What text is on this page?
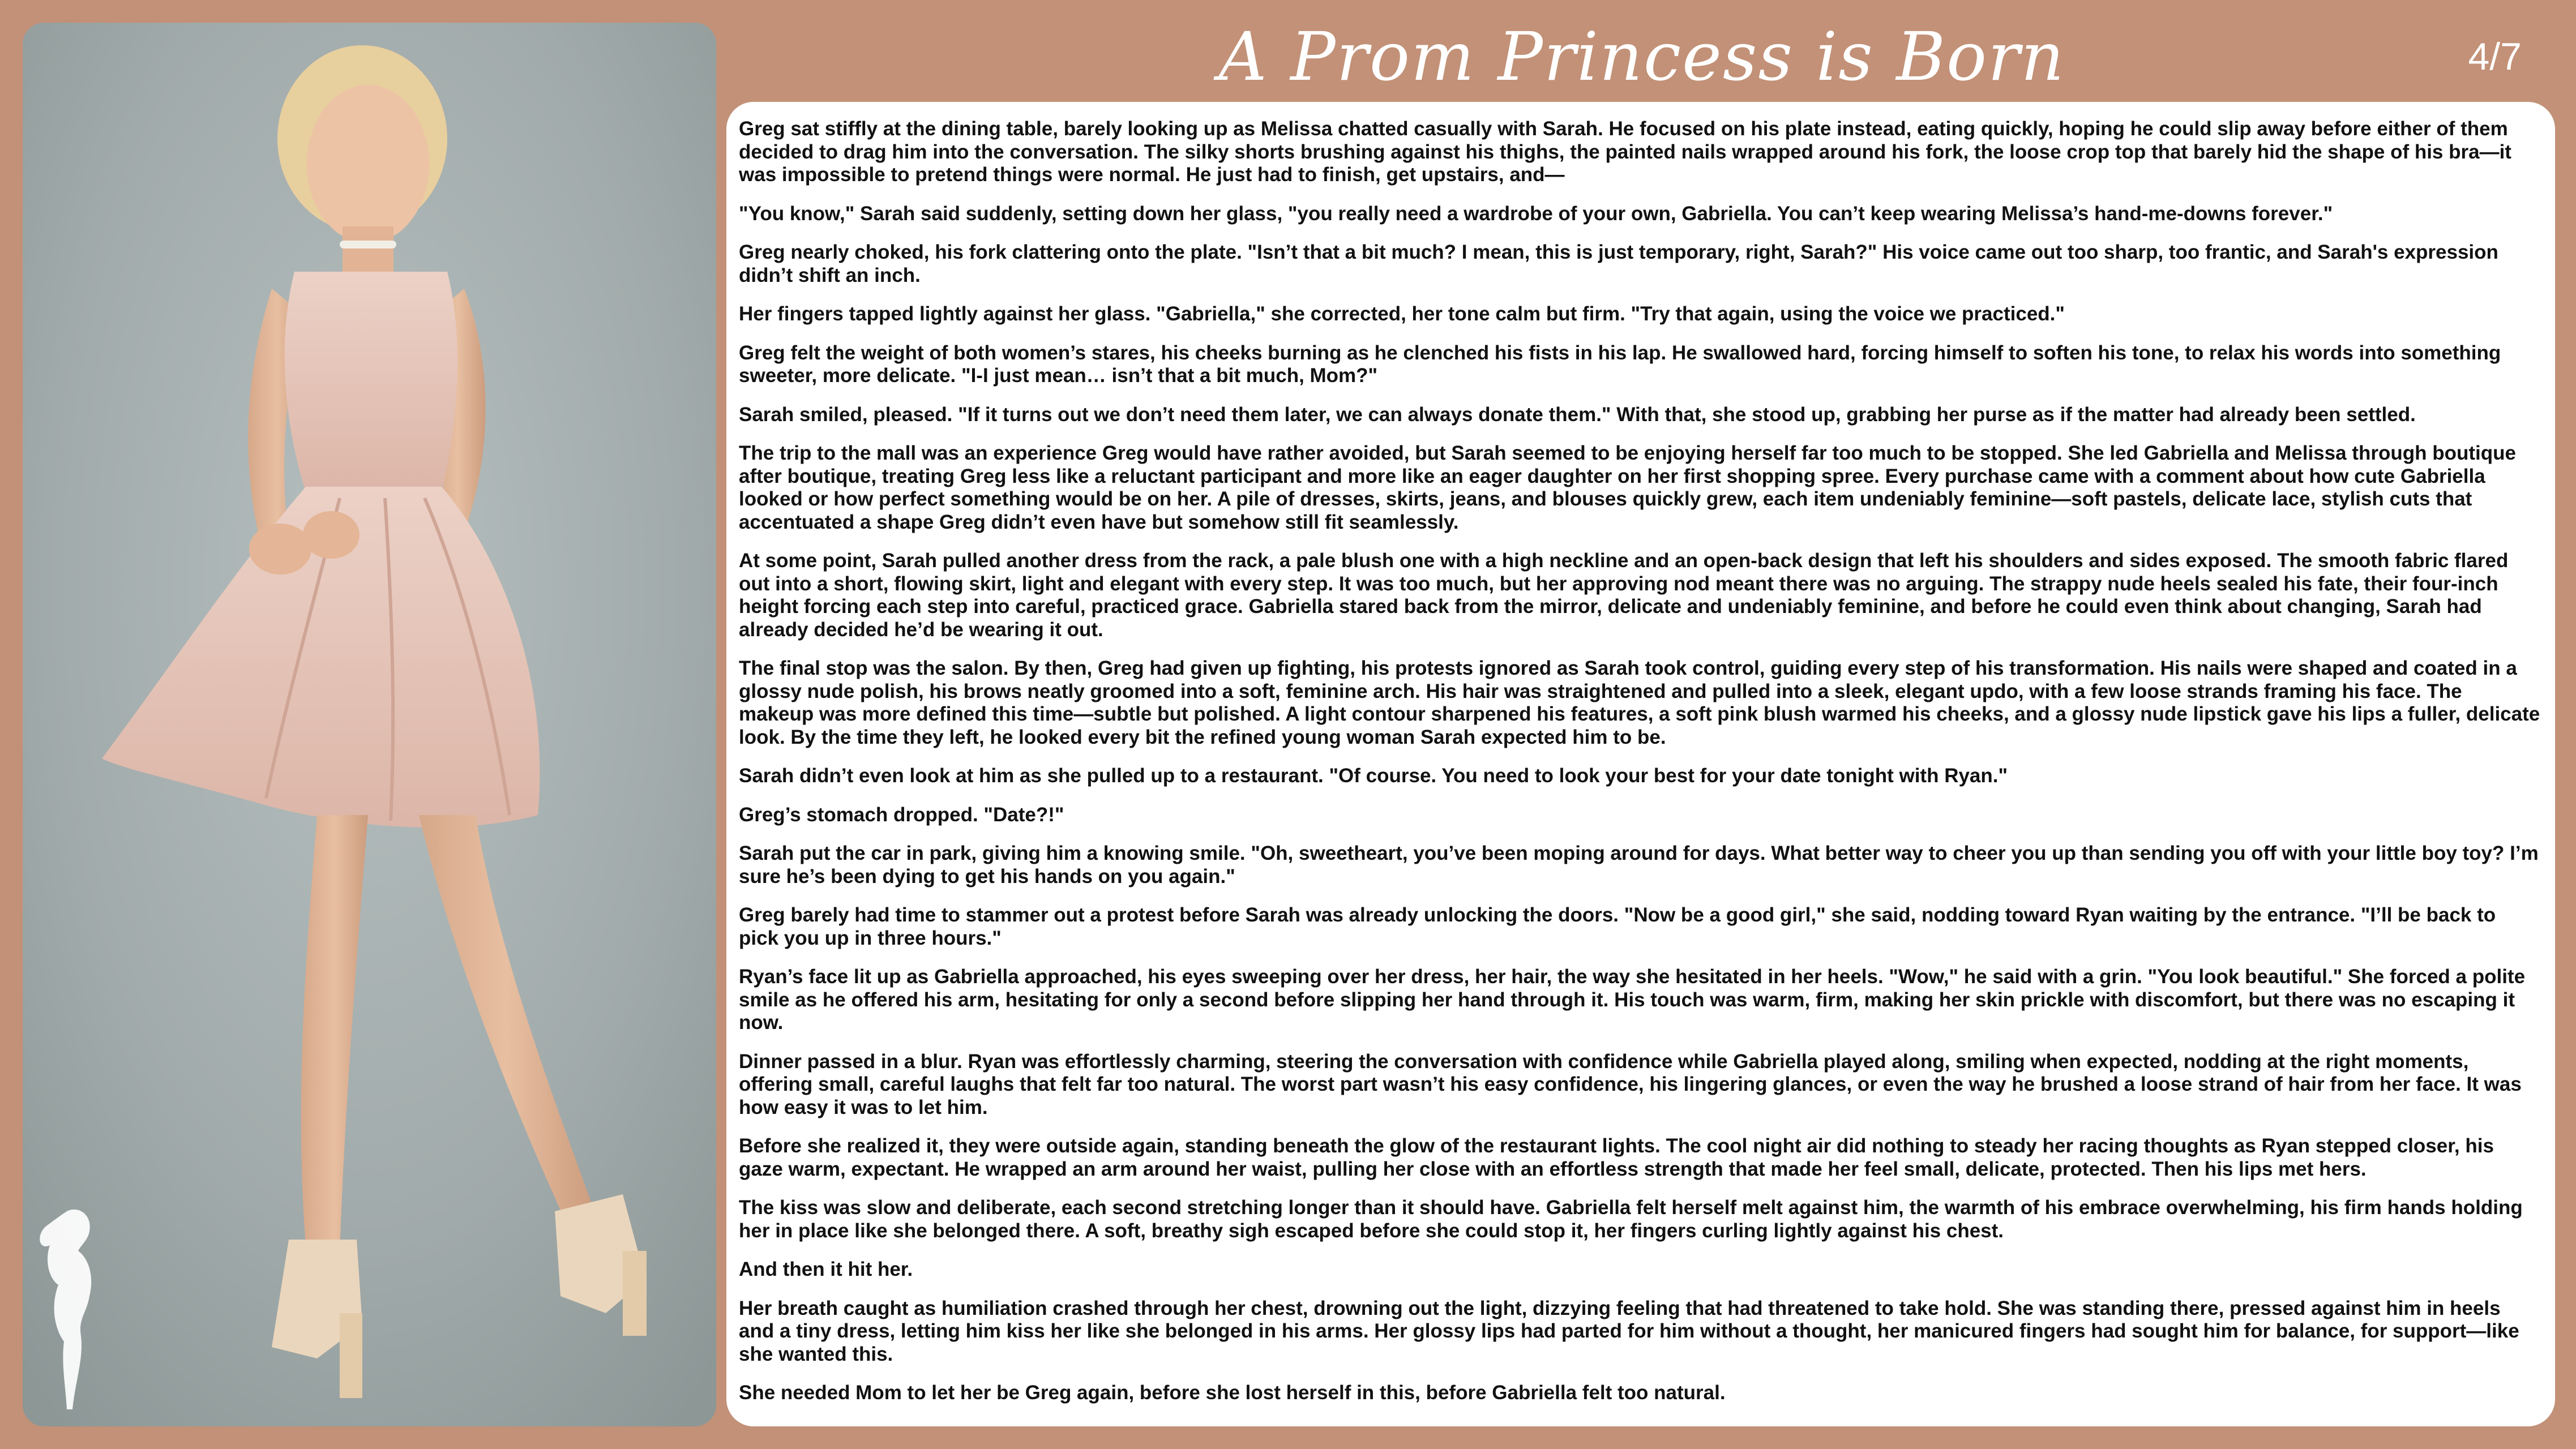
A Prom Princess is Born	4/7

Greg sat stiffly at the dining table, barely looking up as Melissa chatted casually with Sarah. He focused on his plate instead, eating quickly, hoping he could slip away before either of them decided to drag him into the conversation. The silky shorts brushing against his thighs, the painted nails wrapped around his fork, the loose crop top that barely hid the shape of his bra—it was impossible to pretend things were normal. He just had to finish, get upstairs, and—

"You know," Sarah said suddenly, setting down her glass, "you really need a wardrobe of your own, Gabriella. You can’t keep wearing Melissa’s hand-me-downs forever."

Greg nearly choked, his fork clattering onto the plate. "Isn’t that a bit much? I mean, this is just temporary, right, Sarah?" His voice came out too sharp, too frantic, and Sarah's expression didn’t shift an inch.

Her fingers tapped lightly against her glass. "Gabriella," she corrected, her tone calm but firm. "Try that again, using the voice we practiced."

Greg felt the weight of both women’s stares, his cheeks burning as he clenched his fists in his lap. He swallowed hard, forcing himself to soften his tone, to relax his words into something sweeter, more delicate. "I-I just mean… isn’t that a bit much, Mom?"

Sarah smiled, pleased. "If it turns out we don’t need them later, we can always donate them." With that, she stood up, grabbing her purse as if the matter had already been settled.

The trip to the mall was an experience Greg would have rather avoided, but Sarah seemed to be enjoying herself far too much to be stopped. She led Gabriella and Melissa through boutique after boutique, treating Greg less like a reluctant participant and more like an eager daughter on her first shopping spree. Every purchase came with a comment about how cute Gabriella looked or how perfect something would be on her. A pile of dresses, skirts, jeans, and blouses quickly grew, each item undeniably feminine—soft pastels, delicate lace, stylish cuts that accentuated a shape Greg didn’t even have but somehow still fit seamlessly.

At some point, Sarah pulled another dress from the rack, a pale blush one with a high neckline and an open-back design that left his shoulders and sides exposed. The smooth fabric flared out into a short, flowing skirt, light and elegant with every step. It was too much, but her approving nod meant there was no arguing. The strappy nude heels sealed his fate, their four-inch height forcing each step into careful, practiced grace. Gabriella stared back from the mirror, delicate and undeniably feminine, and before he could even think about changing, Sarah had already decided he’d be wearing it out.

The final stop was the salon. By then, Greg had given up fighting, his protests ignored as Sarah took control, guiding every step of his transformation. His nails were shaped and coated in a glossy nude polish, his brows neatly groomed into a soft, feminine arch. His hair was straightened and pulled into a sleek, elegant updo, with a few loose strands framing his face. The makeup was more defined this time—subtle but polished. A light contour sharpened his features, a soft pink blush warmed his cheeks, and a glossy nude lipstick gave his lips a fuller, delicate look. By the time they left, he looked every bit the refined young woman Sarah expected him to be.

Sarah didn’t even look at him as she pulled up to a restaurant. "Of course. You need to look your best for your date tonight with Ryan."

Greg’s stomach dropped. "Date?!"

Sarah put the car in park, giving him a knowing smile. "Oh, sweetheart, you’ve been moping around for days. What better way to cheer you up than sending you off with your little boy toy? I’m sure he’s been dying to get his hands on you again."

Greg barely had time to stammer out a protest before Sarah was already unlocking the doors. "Now be a good girl," she said, nodding toward Ryan waiting by the entrance. "I’ll be back to pick you up in three hours."

Ryan’s face lit up as Gabriella approached, his eyes sweeping over her dress, her hair, the way she hesitated in her heels. "Wow," he said with a grin. "You look beautiful." She forced a polite smile as he offered his arm, hesitating for only a second before slipping her hand through it. His touch was warm, firm, making her skin prickle with discomfort, but there was no escaping it now.

Dinner passed in a blur. Ryan was effortlessly charming, steering the conversation with confidence while Gabriella played along, smiling when expected, nodding at the right moments, offering small, careful laughs that felt far too natural. The worst part wasn’t his easy confidence, his lingering glances, or even the way he brushed a loose strand of hair from her face. It was how easy it was to let him.

Before she realized it, they were outside again, standing beneath the glow of the restaurant lights. The cool night air did nothing to steady her racing thoughts as Ryan stepped closer, his gaze warm, expectant. He wrapped an arm around her waist, pulling her close with an effortless strength that made her feel small, delicate, protected. Then his lips met hers.

The kiss was slow and deliberate, each second stretching longer than it should have. Gabriella felt herself melt against him, the warmth of his embrace overwhelming, his firm hands holding her in place like she belonged there. A soft, breathy sigh escaped before she could stop it, her fingers curling lightly against his chest.

And then it hit her.

Her breath caught as humiliation crashed through her chest, drowning out the light, dizzying feeling that had threatened to take hold. She was standing there, pressed against him in heels and a tiny dress, letting him kiss her like she belonged in his arms. Her glossy lips had parted for him without a thought, her manicured fingers had sought him for balance, for support—like she wanted this.

She needed Mom to let her be Greg again, before she lost herself in this, before Gabriella felt too natural.
